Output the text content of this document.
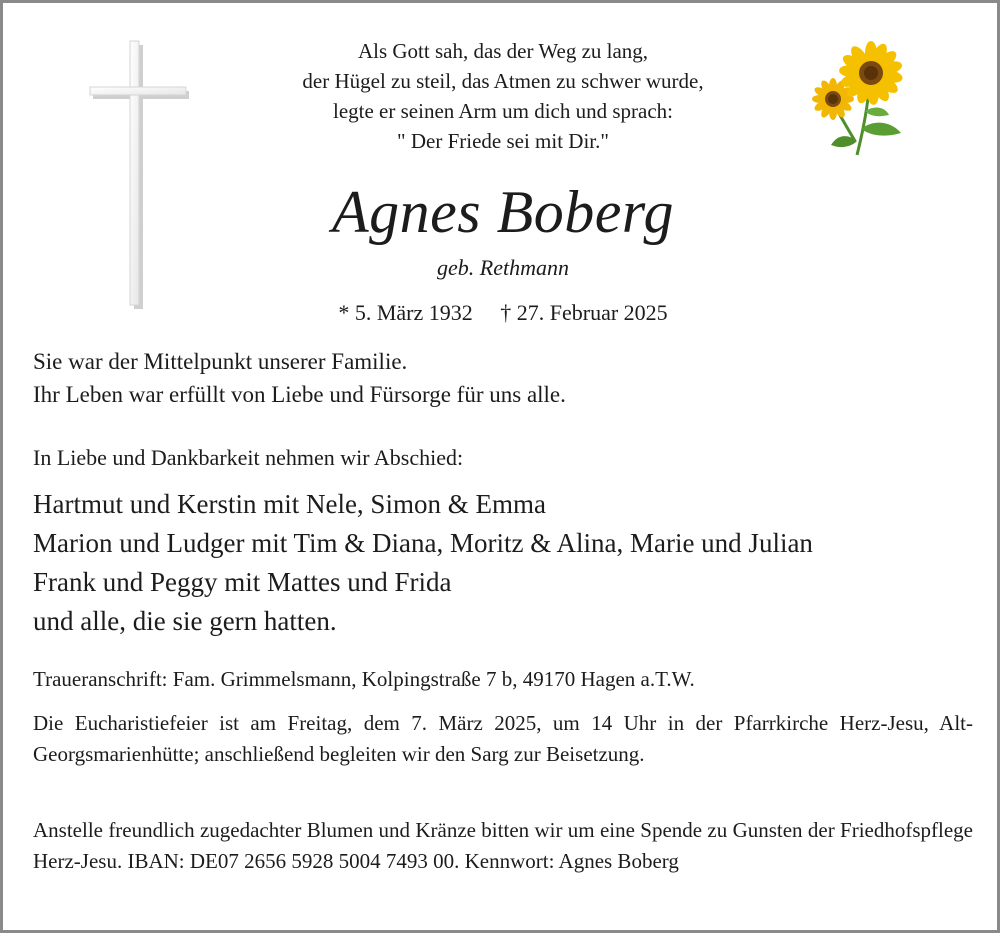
Als Gott sah, das der Weg zu lang,
der Hügel zu steil, das Atmen zu schwer wurde,
legte er seinen Arm um dich und sprach:
" Der Friede sei mit Dir."
Agnes Boberg
geb. Rethmann
* 5. März 1932 † 27. Februar 2025
Sie war der Mittelpunkt unserer Familie.
Ihr Leben war erfüllt von Liebe und Fürsorge für uns alle.
In Liebe und Dankbarkeit nehmen wir Abschied:
Hartmut und Kerstin mit Nele, Simon & Emma
Marion und Ludger mit Tim & Diana, Moritz & Alina, Marie und Julian
Frank und Peggy mit Mattes und Frida
und alle, die sie gern hatten.
Traueranschrift: Fam. Grimmelsmann, Kolpingstraße 7 b, 49170 Hagen a.T.W.
Die Eucharistiefeier ist am Freitag, dem 7. März 2025, um 14 Uhr in der Pfarrkirche Herz-Jesu, Alt-Georgsmarienhütte; anschließend begleiten wir den Sarg zur Beisetzung.
Anstelle freundlich zugedachter Blumen und Kränze bitten wir um eine Spende zu Gunsten der Friedhofspflege Herz-Jesu. IBAN: DE07 2656 5928 5004 7493 00. Kennwort: Agnes Boberg
